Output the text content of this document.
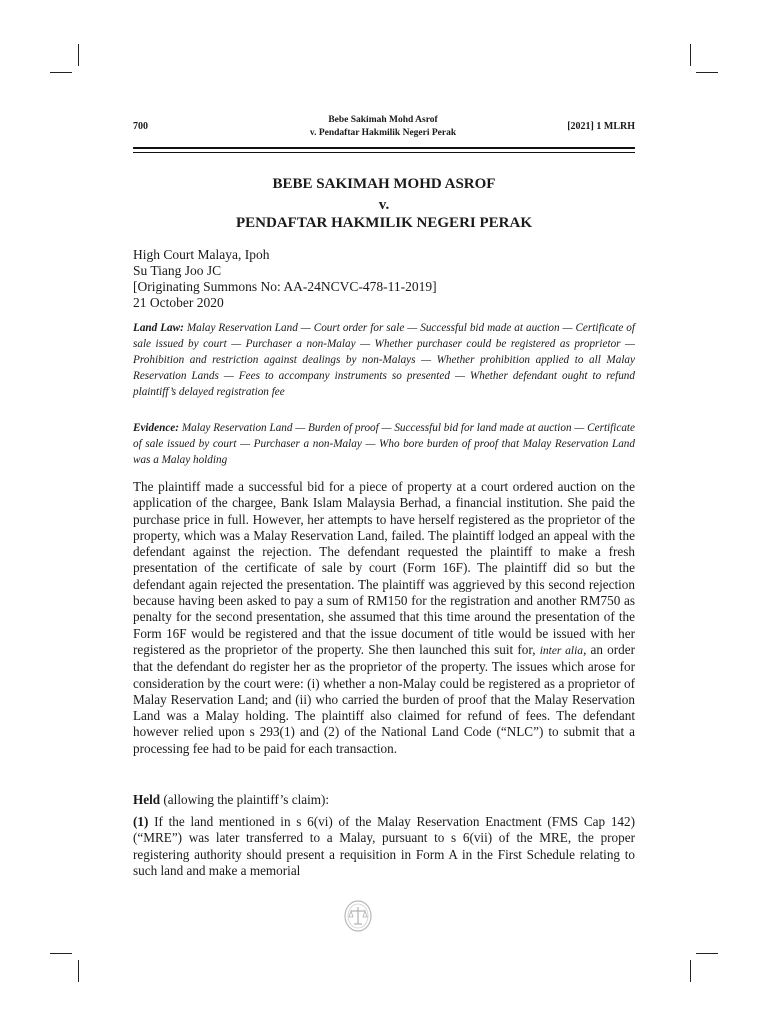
700
Bebe Sakimah Mohd Asrof
v. Pendaftar Hakmilik Negeri Perak
[2021] 1 MLRH
BEBE SAKIMAH MOHD ASROF
v.
PENDAFTAR HAKMILIK NEGERI PERAK
High Court Malaya, Ipoh
Su Tiang Joo JC
[Originating Summons No: AA-24NCVC-478-11-2019]
21 October 2020
Land Law: Malay Reservation Land — Court order for sale — Successful bid made at auction — Certificate of sale issued by court — Purchaser a non-Malay — Whether purchaser could be registered as proprietor — Prohibition and restriction against dealings by non-Malays — Whether prohibition applied to all Malay Reservation Lands — Fees to accompany instruments so presented — Whether defendant ought to refund plaintiff’s delayed registration fee
Evidence: Malay Reservation Land — Burden of proof — Successful bid for land made at auction — Certificate of sale issued by court — Purchaser a non-Malay — Who bore burden of proof that Malay Reservation Land was a Malay holding
The plaintiff made a successful bid for a piece of property at a court ordered auction on the application of the chargee, Bank Islam Malaysia Berhad, a financial institution. She paid the purchase price in full. However, her attempts to have herself registered as the proprietor of the property, which was a Malay Reservation Land, failed. The plaintiff lodged an appeal with the defendant against the rejection. The defendant requested the plaintiff to make a fresh presentation of the certificate of sale by court (Form 16F). The plaintiff did so but the defendant again rejected the presentation. The plaintiff was aggrieved by this second rejection because having been asked to pay a sum of RM150 for the registration and another RM750 as penalty for the second presentation, she assumed that this time around the presentation of the Form 16F would be registered and that the issue document of title would be issued with her registered as the proprietor of the property. She then launched this suit for, inter alia, an order that the defendant do register her as the proprietor of the property. The issues which arose for consideration by the court were: (i) whether a non-Malay could be registered as a proprietor of Malay Reservation Land; and (ii) who carried the burden of proof that the Malay Reservation Land was a Malay holding. The plaintiff also claimed for refund of fees. The defendant however relied upon s 293(1) and (2) of the National Land Code (“NLC”) to submit that a processing fee had to be paid for each transaction.
Held (allowing the plaintiff’s claim):
(1) If the land mentioned in s 6(vi) of the Malay Reservation Enactment (FMS Cap 142) (“MRE”) was later transferred to a Malay, pursuant to s 6(vii) of the MRE, the proper registering authority should present a requisition in Form A in the First Schedule relating to such land and make a memorial
